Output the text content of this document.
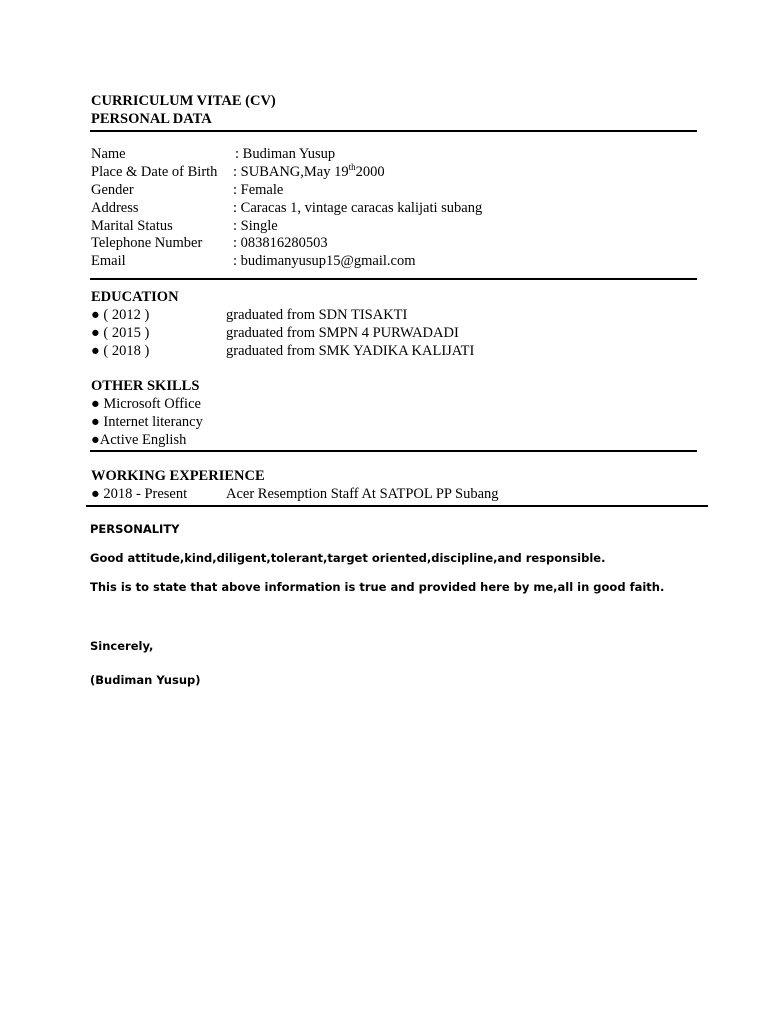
CURRICULUM VITAE (CV)
PERSONAL DATA
Name	: Budiman Yusup
Place & Date of Birth : SUBANG,May 19th2000
Gender	: Female
Address	: Caracas 1, vintage caracas kalijati subang
Marital Status	: Single
Telephone Number : 083816280503
Email	: budimanyusup15@gmail.com
EDUCATION
● ( 2012 )	graduated from SDN TISAKTI
● ( 2015 )	graduated from SMPN 4 PURWADADI
● ( 2018 )	graduated from SMK YADIKA KALIJATI
OTHER SKILLS
● Microsoft Office
● Internet literancy
●Active English
WORKING EXPERIENCE
● 2018 - Present	Acer Resemption Staff At SATPOL PP Subang
PERSONALITY
Good attitude,kind,diligent,tolerant,target oriented,discipline,and responsible.
This is to state that above information is true and provided here by me,all in good faith.
Sincerely,
(Budiman Yusup)
